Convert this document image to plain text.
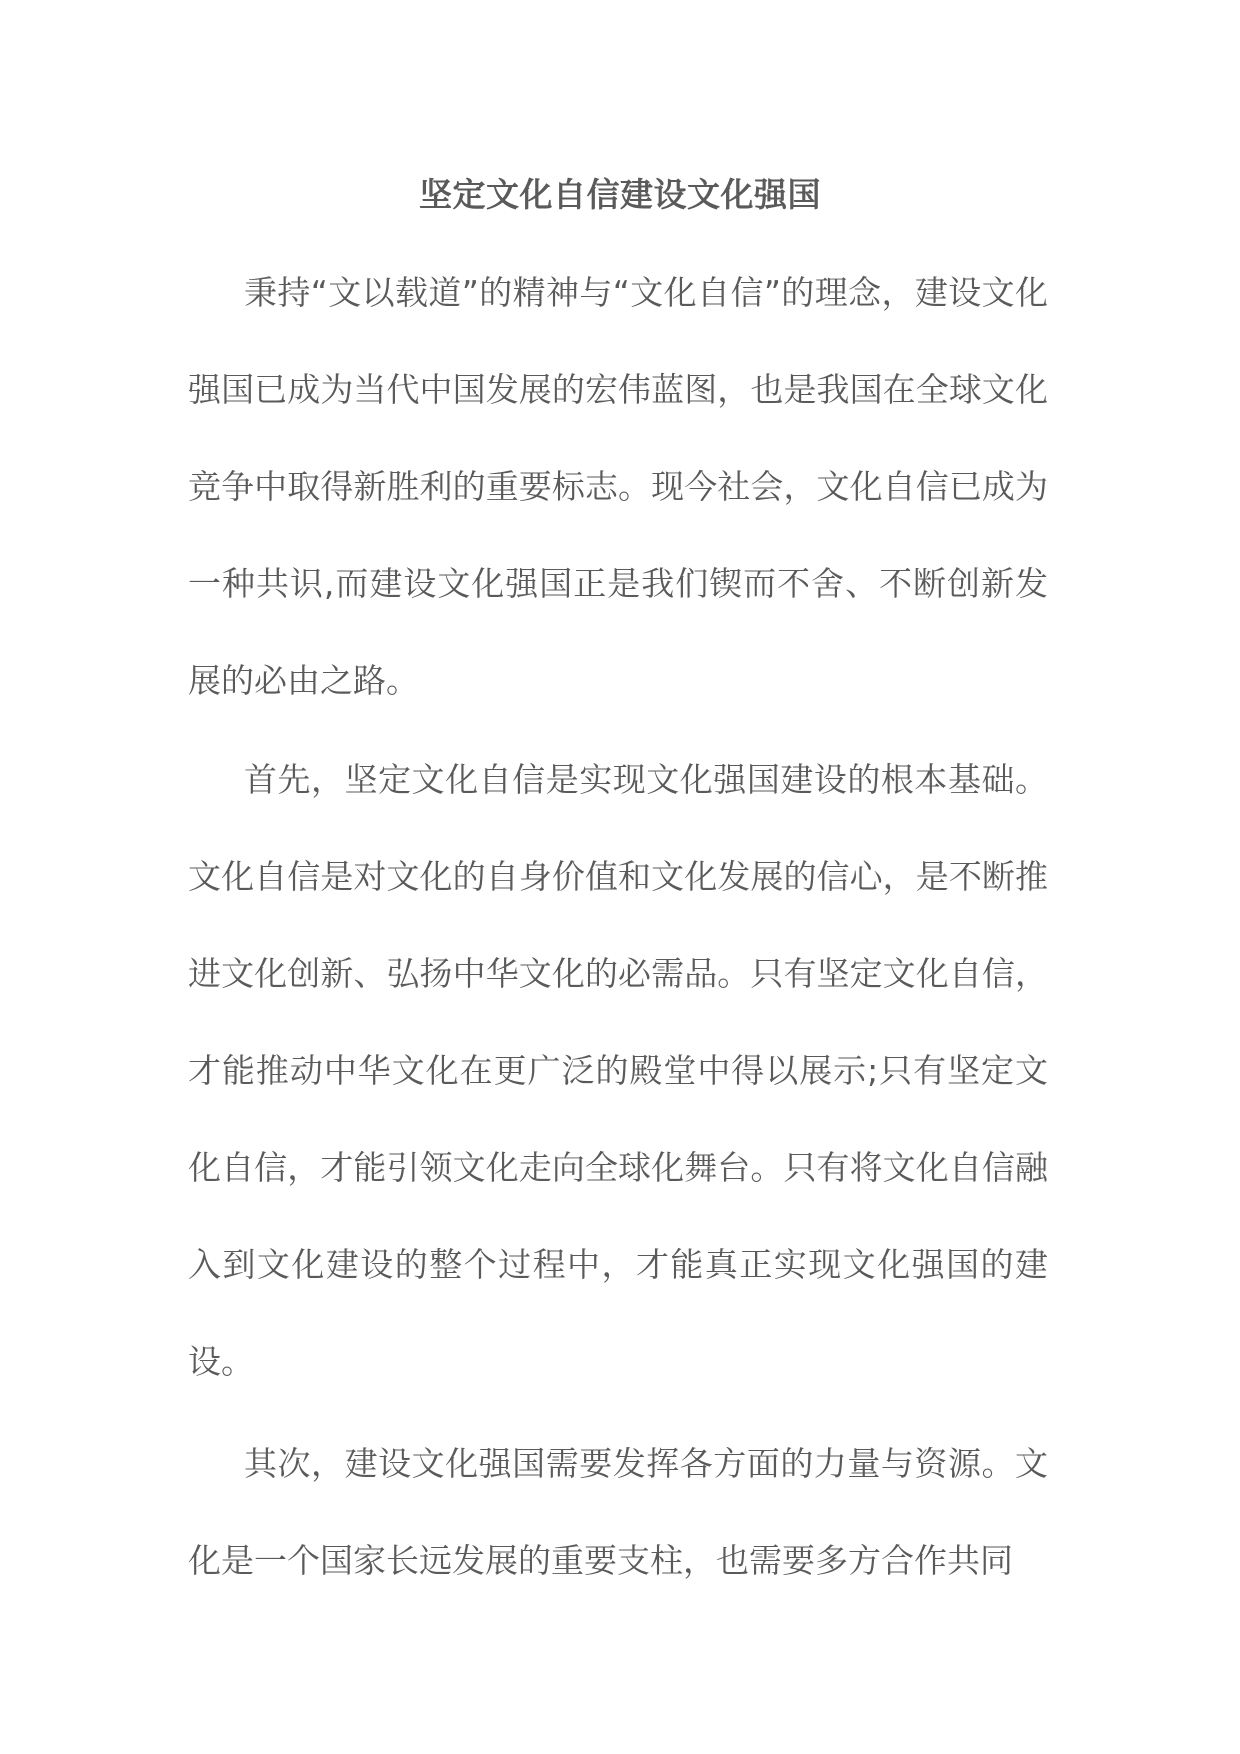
坚定文化自信建设文化强国

秉持“文以载道”的精神与“文化自信”的理念，建设文化强国已成为当代中国发展的宏伟蓝图，也是我国在全球文化竞争中取得新胜利的重要标志。现今社会，文化自信已成为一种共识,而建设文化强国正是我们锲而不舍、不断创新发展的必由之路。

首先，坚定文化自信是实现文化强国建设的根本基础。文化自信是对文化的自身价值和文化发展的信心，是不断推进文化创新、弘扬中华文化的必需品。只有坚定文化自信，才能推动中华文化在更广泛的殿堂中得以展示;只有坚定文化自信，才能引领文化走向全球化舞台。只有将文化自信融入到文化建设的整个过程中，才能真正实现文化强国的建设。

其次，建设文化强国需要发挥各方面的力量与资源。文化是一个国家长远发展的重要支柱，也需要多方合作共同
